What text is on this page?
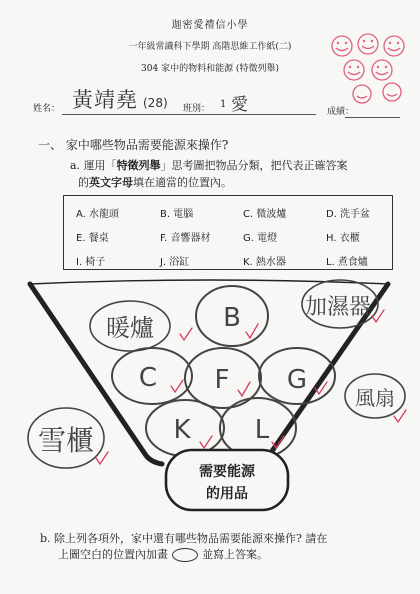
迦密愛禮信小學
一年級常識科下學期 高階思維工作紙(二)
304 家中的物料和能源 (特徵列舉)
姓名： 黃靖堯 (28) 班別： 1 愛	成績：
一、 家中哪些物品需要能源來操作?
a. 運用「特徵列舉」思考圖把物品分類，把代表正確答案
的英文字母填在適當的位置內。
A. 水龍頭	B. 電腦	C. 微波爐	D. 洗手盆
E. 餐桌	F. 音響器材	G. 電燈	H. 衣櫃
I. 椅子	J. 浴缸	K. 熱水器	L. 煮食爐
需要能源
的用品
B
C F G
K L
暖爐
加濕器
雪櫃
風扇
b. 除上列各項外，家中還有哪些物品需要能源來操作? 請在
上圖空白的位置內加畫	並寫上答案。
